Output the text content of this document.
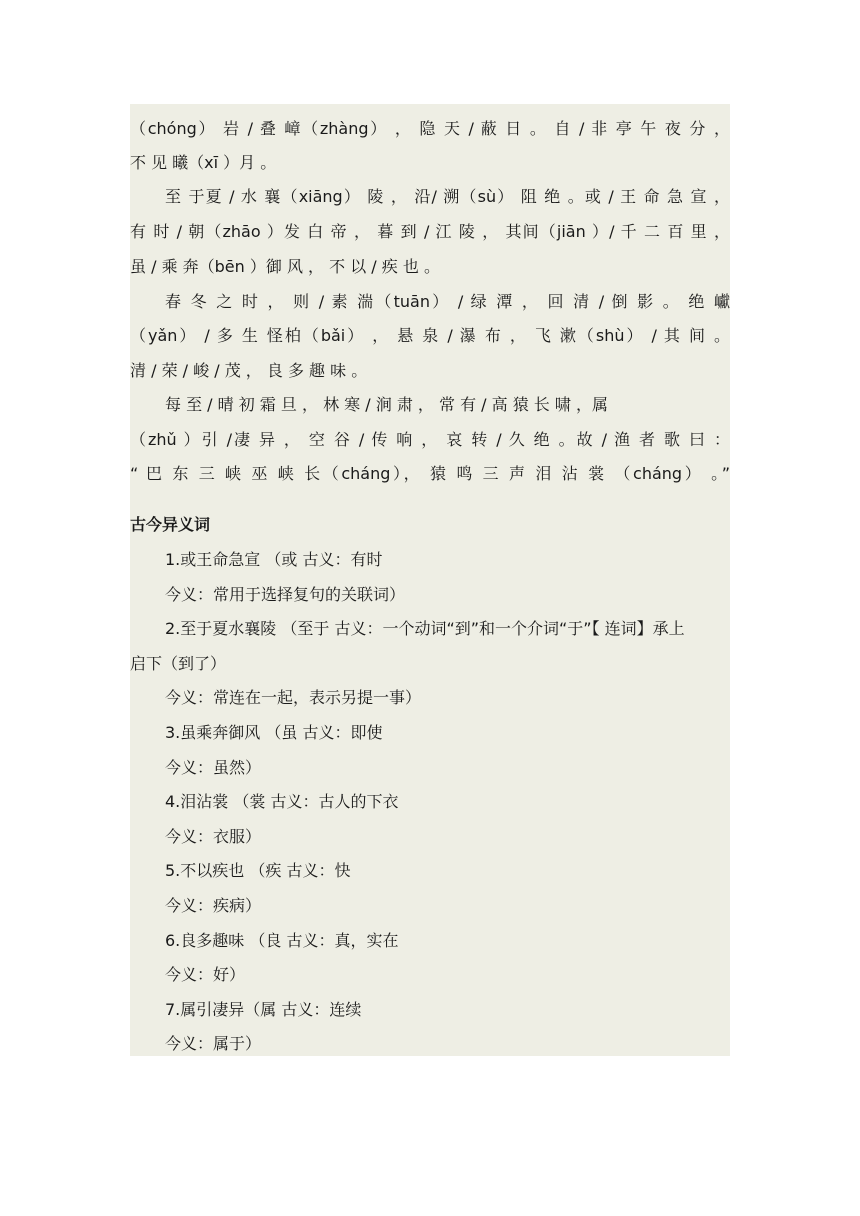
（chóng） 岩 / 叠 嶂（zhàng） ， 隐 天 / 蔽 日 。 自 / 非 亭 午 夜 分 ，
不 见 曦（xī ）月 。
至 于夏 / 水 襄（xiāng） 陵 ， 沿/ 溯（sù） 阻 绝 。或 / 王 命 急 宣 ，
有 时 / 朝（zhāo ）发 白 帝 ， 暮 到 / 江 陵 ， 其间（jiān ）/ 千 二 百 里 ，
虽 / 乘 奔（bēn ）御 风 ， 不 以 / 疾 也 。
春 冬 之 时 ， 则 / 素 湍（tuān） / 绿 潭 ， 回 清 / 倒 影 。 绝 巘
（yǎn） / 多 生 怪柏（bǎi） ， 悬 泉 / 瀑 布 ， 飞 漱（shù） / 其 间 。
清 / 荣 / 峻 / 茂 ， 良 多 趣 味 。
每 至 / 晴 初 霜 旦 ， 林 寒 / 涧 肃 ， 常 有 / 高 猿 长 啸 ，属
（zhǔ ）引 /凄 异 ， 空 谷 / 传 响 ， 哀 转 / 久 绝 。故 / 渔 者 歌 曰 ：
“ 巴 东 三 峡 巫 峡 长（cháng）， 猿 鸣 三 声 泪 沾 裳 （cháng） 。”
古今异义词
1.或王命急宣 （或 古义：有时
今义：常用于选择复句的关联词）
2.至于夏水襄陵 （至于 古义：一个动词“到”和一个介词“于”【 连词】承上
启下（到了）
今义：常连在一起，表示另提一事）
3.虽乘奔御风 （虽 古义：即使
今义：虽然）
4.泪沾裳 （裳 古义：古人的下衣
今义：衣服）
5.不以疾也 （疾 古义：快
今义：疾病）
6.良多趣味 （良 古义：真，实在
今义：好）
7.属引凄异（属 古义：连续
今义：属于）
